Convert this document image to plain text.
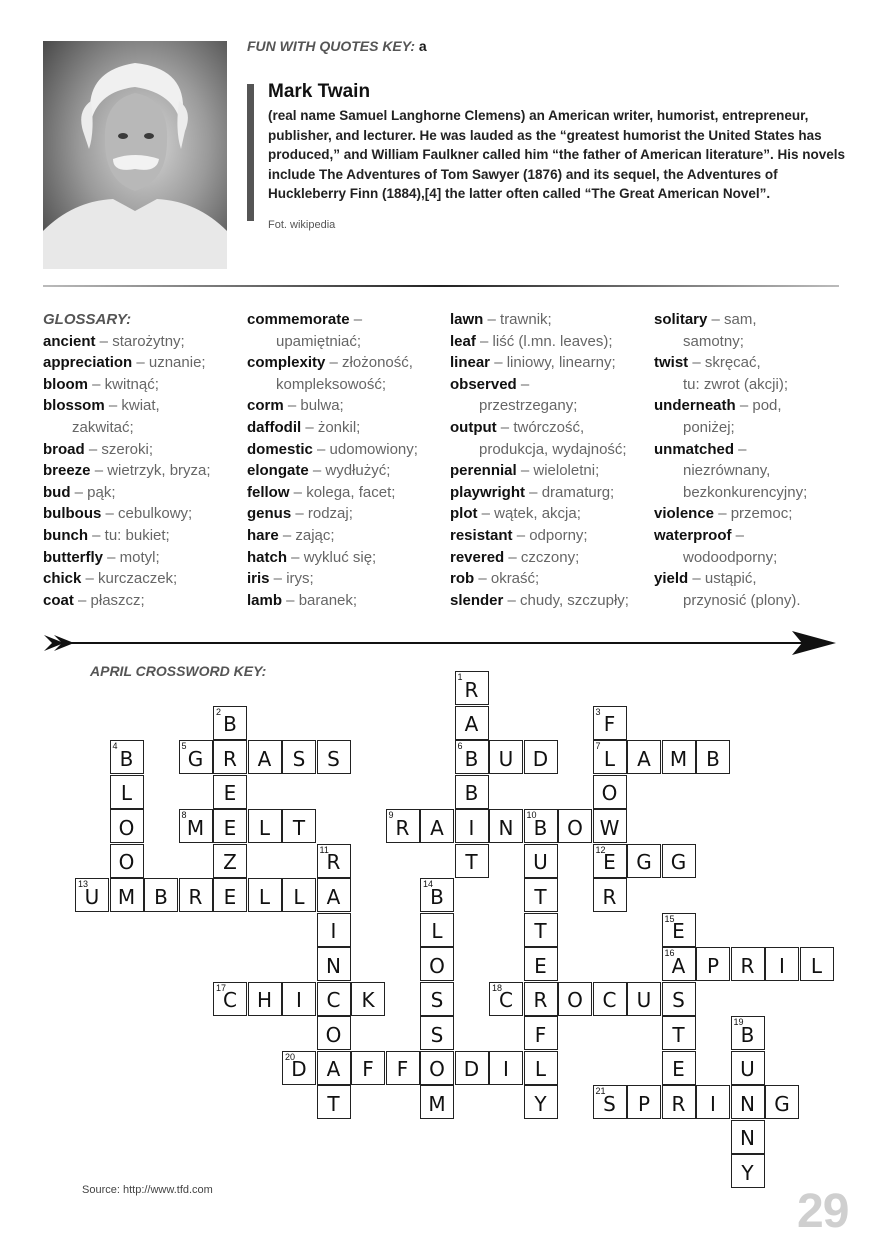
FUN WITH QUOTES KEY: a
Mark Twain
(real name Samuel Langhorne Clemens) an American writer, humorist, entrepreneur, publisher, and lecturer. He was lauded as the “greatest humorist the United States has produced,” and William Faulkner called him “the father of American literature”. His novels include The Adventures of Tom Sawyer (1876) and its sequel, the Adventures of Huckleberry Finn (1884),[4] the latter often called “The Great American Novel”.
Fot. wikipedia
GLOSSARY:
ancient – starożytny;
appreciation – uznanie;
bloom – kwitnąć;
blossom – kwiat,
zakwitać;
broad – szeroki;
breeze – wietrzyk, bryza;
bud – pąk;
bulbous – cebulkowy;
bunch – tu: bukiet;
butterfly – motyl;
chick – kurczaczek;
coat – płaszcz;
commemorate –
upamiętniać;
complexity – złożoność,
kompleksowość;
corm – bulwa;
daffodil – żonkil;
domestic – udomowiony;
elongate – wydłużyć;
fellow – kolega, facet;
genus – rodzaj;
hare – zając;
hatch – wykluć się;
iris – irys;
lamb – baranek;
lawn – trawnik;
leaf – liść (l.mn. leaves);
linear – liniowy, linearny;
observed –
przestrzegany;
output – twórczość,
produkcja, wydajność;
perennial – wieloletni;
playwright – dramaturg;
plot – wątek, akcja;
resistant – odporny;
revered – czczony;
rob – okraść;
slender – chudy, szczupły;
solitary – sam,
samotny;
twist – skręcać,
tu: zwrot (akcji);
underneath – pod,
poniżej;
unmatched –
niezrównany,
bezkonkurencyjny;
violence – przemoc;
waterproof –
wodoodporny;
yield – ustąpić,
przynosić (plony).
APRIL CROSSWORD KEY:	1
R
A
6
B
B
I
T
2
B
R
E
E
Z
E
3
F
7
L
O
W
12
E
R
4
B
L
O
O
M
5
G	A S S	U D	A M B
8
M	L T
9
R A	N
10
B O
U
T
T
E
R
F
L
Y
11
R
A
I
N
C
O
A
T
G G
13
U	B R	L L
14
B
L
O
S
S
O
M
15
E
16
A
S
T
E
R
P R I L
17
C H I	K
18
C	O C U
19
B
U
N
N
Y
20
D	F F	D I
21
S P	I	G
Source: http://www.tfd.com	29
